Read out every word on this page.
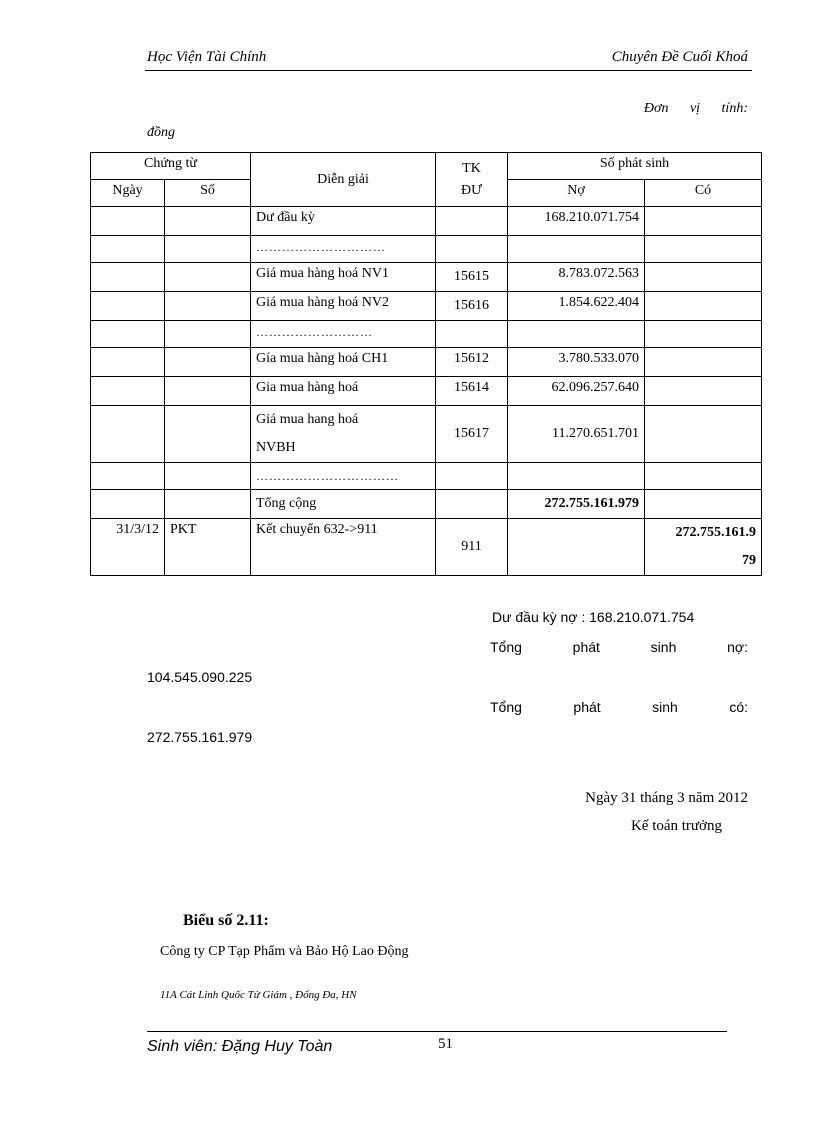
Học Viện Tài Chính	Chuyên Đề Cuối Khoá
Đơn vị tính:
đồng
Chứng từ		Diễn giải	TK
ĐƯ	Số phát sinh	
Ngày	Số			Nợ	Có
		Dư đầu kỳ		168.210.071.754	
		…………………………			
		Giá mua hàng hoá NV1	15615	8.783.072.563	
		Giá mua hàng hoá NV2	15616	1.854.622.404	
		………………………			
		Gía mua hàng hoá CH1	15612	3.780.533.070	
		Gia mua hàng hoá	15614	62.096.257.640	
		Giá mua hang hoá
NVBH	15617	11.270.651.701	
		……………………………			
		Tổng cộng		272.755.161.979	
31/3/12	PKT	Kết chuyển 632->911	911		272.755.161.9
79
Dư đầu kỳ nợ : 168.210.071.754
Tổng	phát	sinh	nợ:
104.545.090.225
Tổng	phát	sinh	có:
272.755.161.979
Ngày 31 tháng 3 năm 2012
Kế toán trưởng
Biểu số 2.11:
Công ty CP Tạp Phẩm và Bảo Hộ Lao Động
11A Cát Linh Quốc Tử Giám , Đống Đa, HN
Sinh viên: Đặng Huy Toàn	51
